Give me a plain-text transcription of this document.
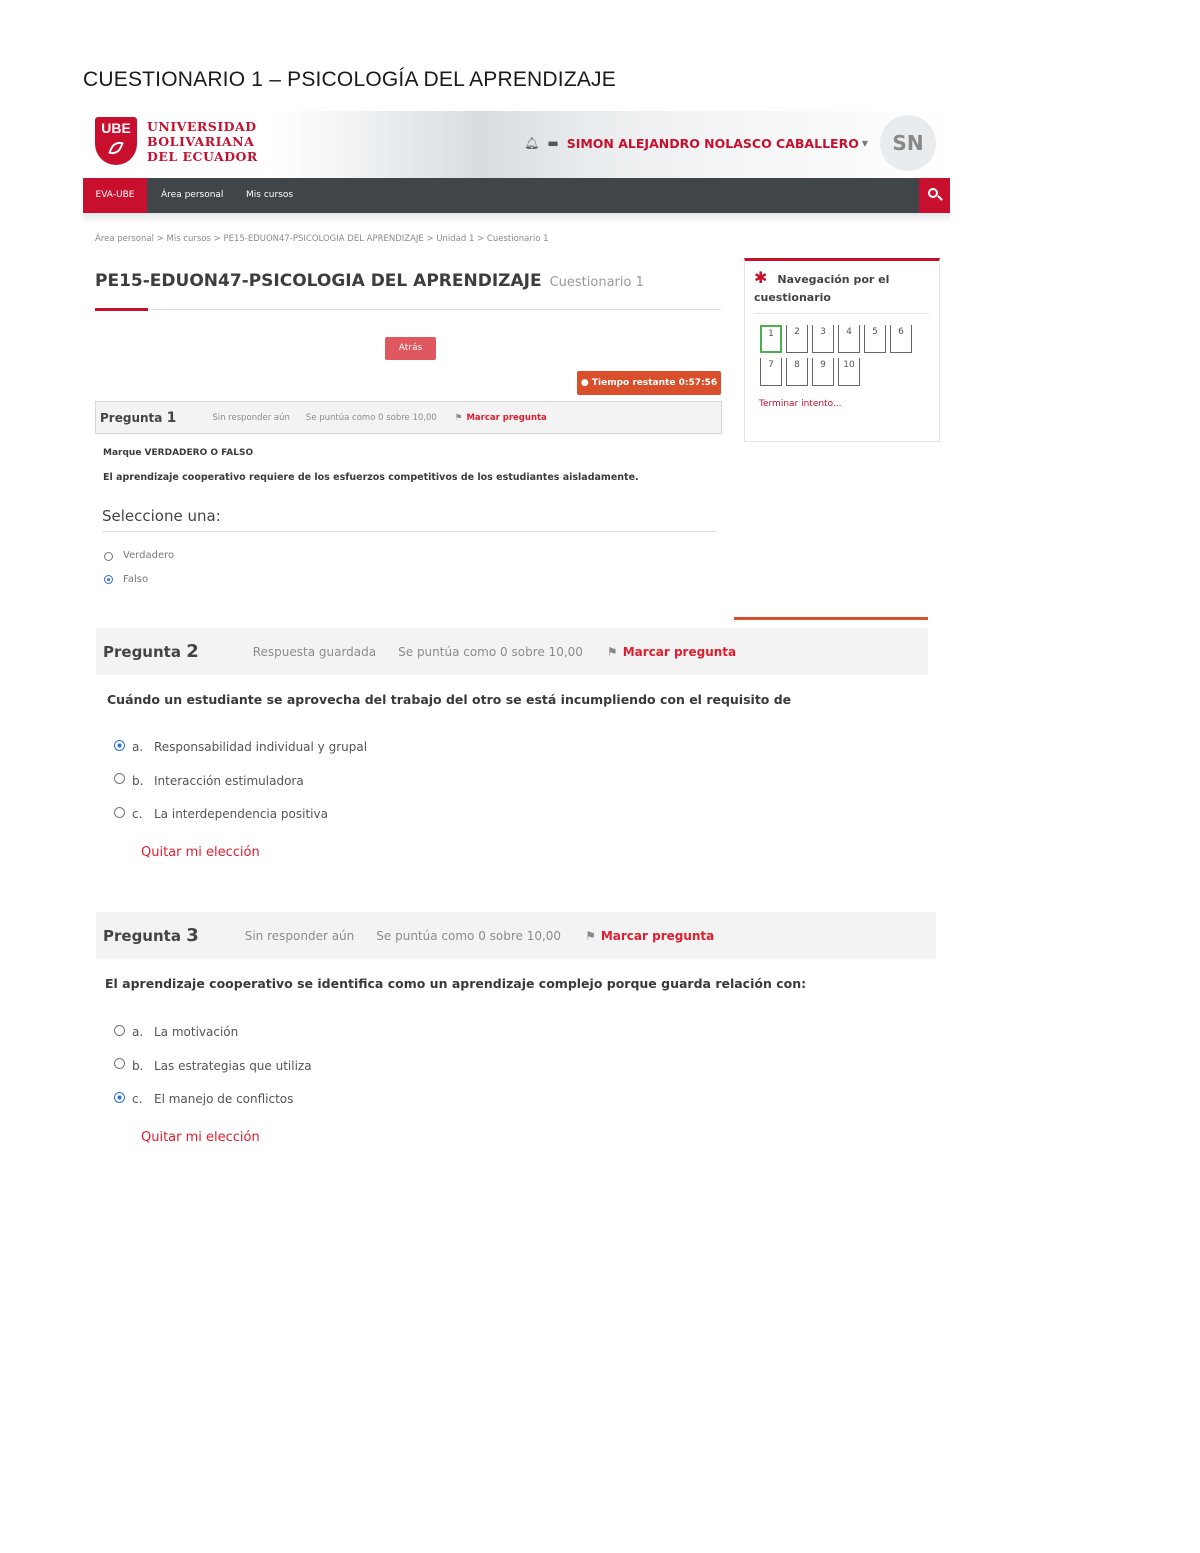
CUESTIONARIO 1 – PSICOLOGÍA DEL APRENDIZAJE
UBE	UNIVERSIDAD
BOLIVARIANA
DEL ECUADOR
🔔︎ ▬ SIMON ALEJANDRO NOLASCO CABALLERO ▼	SN
EVA-UBE	Área personal	Mis cursos
Área personal > Mis cursos > PE15-EDUON47-PSICOLOGIA DEL APRENDIZAJE > Unidad 1 > Cuestionario 1
PE15-EDUON47-PSICOLOGIA DEL APRENDIZAJE Cuestionario 1
Atrás
● Tiempo restante 0:57:56
Pregunta 1	Sin responder aún Se puntúa como 0 sobre 10,00 ⚑ Marcar pregunta
✱ Navegación por el cuestionario
1	2	3	4	5	6
7	8	9	10
Terminar intento...
Marque VERDADERO O FALSO
El aprendizaje cooperativo requiere de los esfuerzos competitivos de los estudiantes aisladamente.
Seleccione una:
Verdadero
Falso
Pregunta 2	Respuesta guardada Se puntúa como 0 sobre 10,00 ⚑ Marcar pregunta
Cuándo un estudiante se aprovecha del trabajo del otro se está incumpliendo con el requisito de
a. Responsabilidad individual y grupal
b. Interacción estimuladora
c. La interdependencia positiva
Quitar mi elección
Pregunta 3	Sin responder aún Se puntúa como 0 sobre 10,00 ⚑ Marcar pregunta
El aprendizaje cooperativo se identifica como un aprendizaje complejo porque guarda relación con:
a. La motivación
b. Las estrategias que utiliza
c. El manejo de conflictos
Quitar mi elección
